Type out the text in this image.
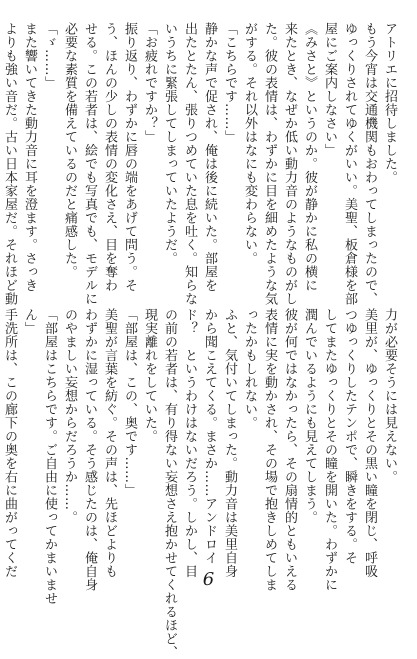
アトリエに招待しました。
もう今宵は交通機関もおわってしまったので、
ゆっくりされてゆくがいい。美聖、板倉様を部
屋にご案内しなさい」
《みさと》というのか。彼が静かに私の横に
来たとき、なぜか低い動力音のようなものがし
た。彼の表情は、わずかに目を細めたような気
がする。それ以外はなにも変わらない。
「こちらです……」
静かな声で促され、俺は後に続いた。部屋を
出たとたん、張りつめていた息を吐く。知らな
いうちに緊張してしまっていたようだ。
「お疲れですか？」
振り返り、わずかに唇の端をあげて問う。そ
う、ほんの少しの表情の変化さえ、目を奪わ
せる。この若者は、絵でも写真でも、モデルに
必要な素質を備えているのだと痛感した。
「ゞ……」
また響いてきた動力音に耳を澄ます。さっき
よりも強い音だ。古い日本家屋だ。それほど動
力が必要そうには見えない。
美里が、ゆっくりとその黒い瞳を閉じ、呼吸
つゆっくりしたテンポで、瞬きをする。そ
してまたゆっくりとその瞳を開いた。わずかに
潤んでいるようにも見えてしまう。
彼が何ではなかったら、その扇情的ともいえる
表情に実を動かされ、その場で抱きしめてしま
ったかもしれない。
ふと、気付いてしまった。動力音は美里自身
から聞こえてくる。まさか……アンドロイ
ド？　というわけはないだろう。しかし、目
の前の若者は、有り得ない妄想さえ抱かせてくれるほど、
現実離れをしていた。
「部屋は、この、奥です……」
美聖が言葉を紡ぐ。その声は、先ほどよりも
わずかに湿っている。そう感じたのは、俺自身
のやましい妄想からだろうか……。
「部屋はこちらです。ご自由に使ってかまいませ
ん」
手洗所は、この廊下の奥を右に曲がってくだ
6
